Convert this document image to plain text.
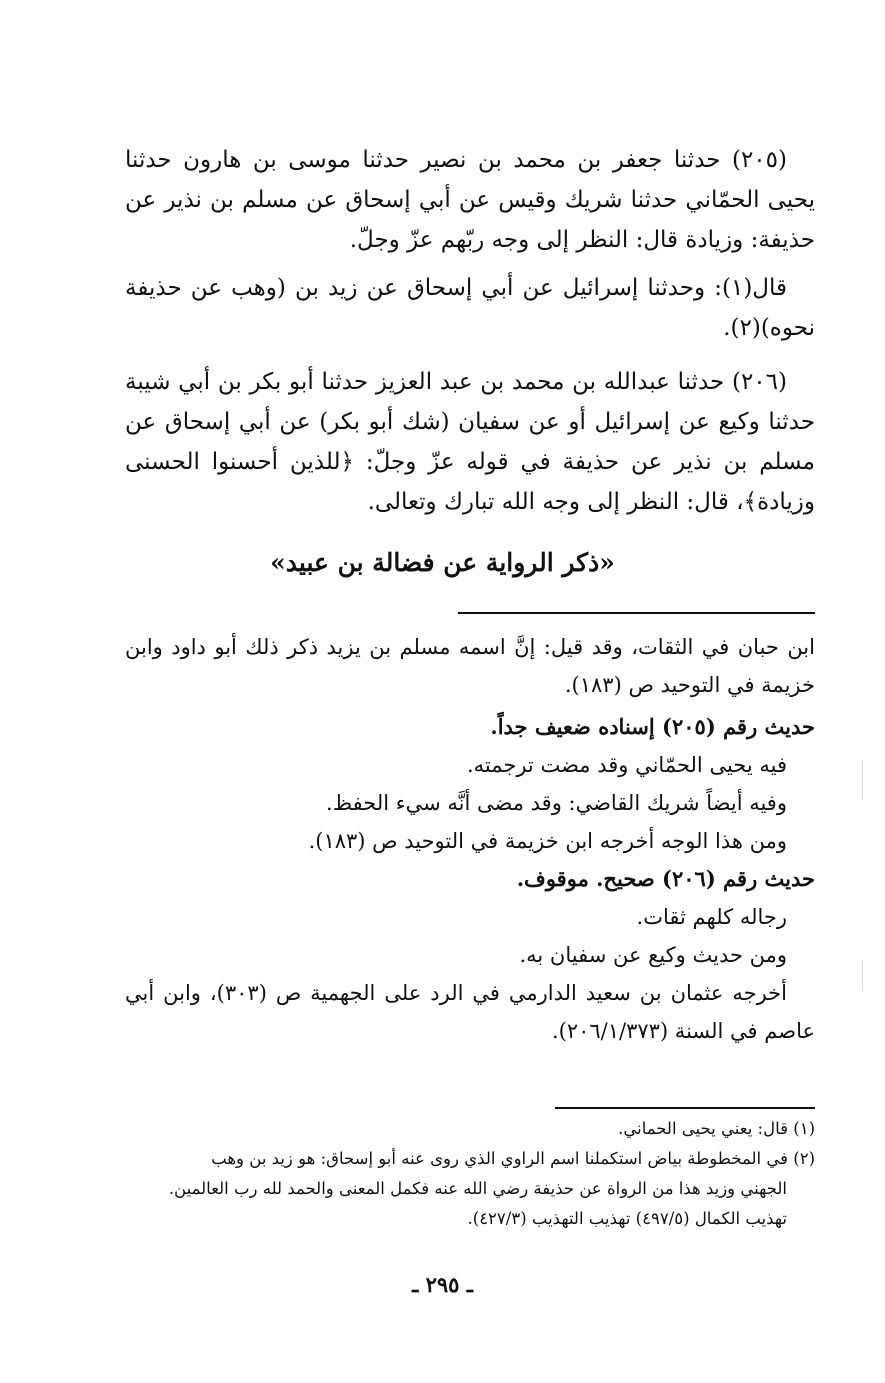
(٢٠٥) حدثنا جعفر بن محمد بن نصير حدثنا موسى بن هارون حدثنا يحيى الحمّاني حدثنا شريك وقيس عن أبي إسحاق عن مسلم بن نذير عن حذيفة: وزيادة قال: النظر إلى وجه ربّهم عزّ وجلّ.

قال(١): وحدثنا إسرائيل عن أبي إسحاق عن زيد بن (وهب عن حذيفة نحوه)(٢).

(٢٠٦) حدثنا عبدالله بن محمد بن عبد العزيز حدثنا أبو بكر بن أبي شيبة حدثنا وكيع عن إسرائيل أو عن سفيان (شك أبو بكر) عن أبي إسحاق عن مسلم بن نذير عن حذيفة في قوله عزّ وجلّ: ﴿للذين أحسنوا الحسنى وزيادة﴾، قال: النظر إلى وجه الله تبارك وتعالى.

«ذكر الرواية عن فضالة بن عبيد»

ابن حبان في الثقات، وقد قيل: إنَّ اسمه مسلم بن يزيد ذكر ذلك أبو داود وابن خزيمة في التوحيد ص (١٨٣).

حديث رقم (٢٠٥) إسناده ضعيف جداً.

فيه يحيى الحمّاني وقد مضت ترجمته.

وفيه أيضاً شريك القاضي: وقد مضى أنَّه سيء الحفظ.

ومن هذا الوجه أخرجه ابن خزيمة في التوحيد ص (١٨٣).

حديث رقم (٢٠٦) صحيح. موقوف.

رجاله كلهم ثقات.

ومن حديث وكيع عن سفيان به.

أخرجه عثمان بن سعيد الدارمي في الرد على الجهمية ص (٣٠٣)، وابن أبي عاصم في السنة (٢٠٦/١/٣٧٣).

(١) قال: يعني يحيى الحماني.

(٢) في المخطوطة بياض استكملنا اسم الراوي الذي روى عنه أبو إسحاق: هو زيد بن وهب

الجهني وزيد هذا من الرواة عن حذيفة رضي الله عنه فكمل المعنى والحمد لله رب العالمين.

تهذيب الكمال (٤٩٧/٥) تهذيب التهذيب (٤٢٧/٣).

ـ ٢٩٥ ـ
